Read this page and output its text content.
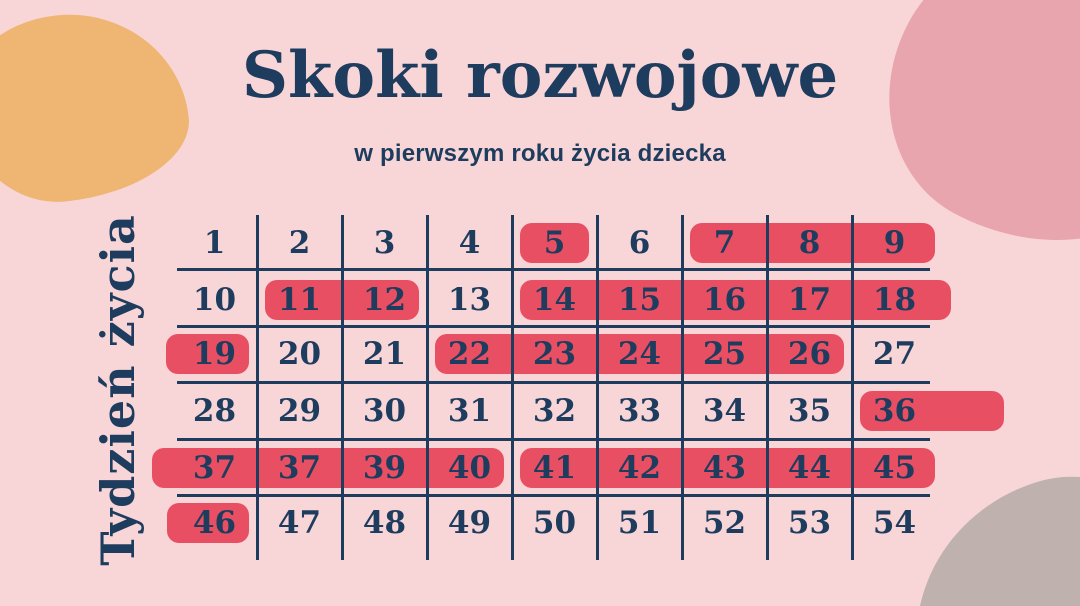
Skoki rozwojowe
w pierwszym roku życia dziecka
Tydzień życia	1	2	3	4	5	6	7	8	9
10	11	12	13	14	15	16	17	18
19	20	21	22	23	24	25	26	27
28	29	30	31	32	33	34	35	36
37	37	39	40	41	42	43	44	45
46	47	48	49	50	51	52	53	54
